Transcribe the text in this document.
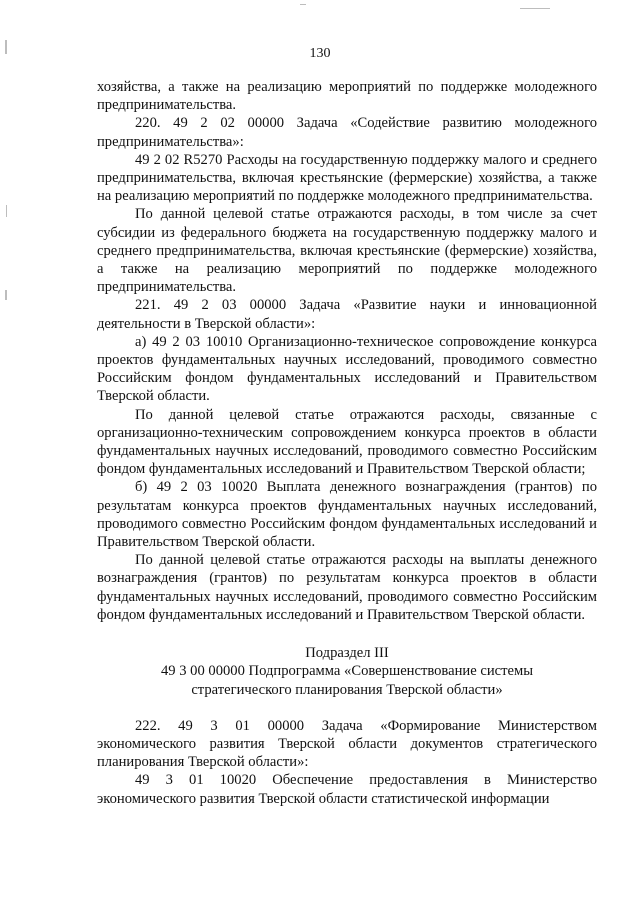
130

хозяйства, а также на реализацию мероприятий по поддержке молодежного предпринимательства.

220. 49 2 02 00000 Задача «Содействие развитию молодежного предпринимательства»:

49 2 02 R5270 Расходы на государственную поддержку малого и среднего предпринимательства, включая крестьянские (фермерские) хозяйства, а также на реализацию мероприятий по поддержке молодежного предпринимательства.

По данной целевой статье отражаются расходы, в том числе за счет субсидии из федерального бюджета на государственную поддержку малого и среднего предпринимательства, включая крестьянские (фермерские) хозяйства, а также на реализацию мероприятий по поддержке молодежного предпринимательства.

221. 49 2 03 00000 Задача «Развитие науки и инновационной деятельности в Тверской области»:

а) 49 2 03 10010 Организационно-техническое сопровождение конкурса проектов фундаментальных научных исследований, проводимого совместно Российским фондом фундаментальных исследований и Правительством Тверской области.

По данной целевой статье отражаются расходы, связанные с организационно-техническим сопровождением конкурса проектов в области фундаментальных научных исследований, проводимого совместно Российским фондом фундаментальных исследований и Правительством Тверской области;

б) 49 2 03 10020 Выплата денежного вознаграждения (грантов) по результатам конкурса проектов фундаментальных научных исследований, проводимого совместно Российским фондом фундаментальных исследований и Правительством Тверской области.

По данной целевой статье отражаются расходы на выплаты денежного вознаграждения (грантов) по результатам конкурса проектов в области фундаментальных научных исследований, проводимого совместно Российским фондом фундаментальных исследований и Правительством Тверской области.

Подраздел III

49 3 00 00000 Подпрограмма «Совершенствование системы

стратегического планирования Тверской области»

222. 49 3 01 00000 Задача «Формирование Министерством экономического развития Тверской области документов стратегического планирования Тверской области»:

49 3 01 10020 Обеспечение предоставления в Министерство экономического развития Тверской области статистической информации
